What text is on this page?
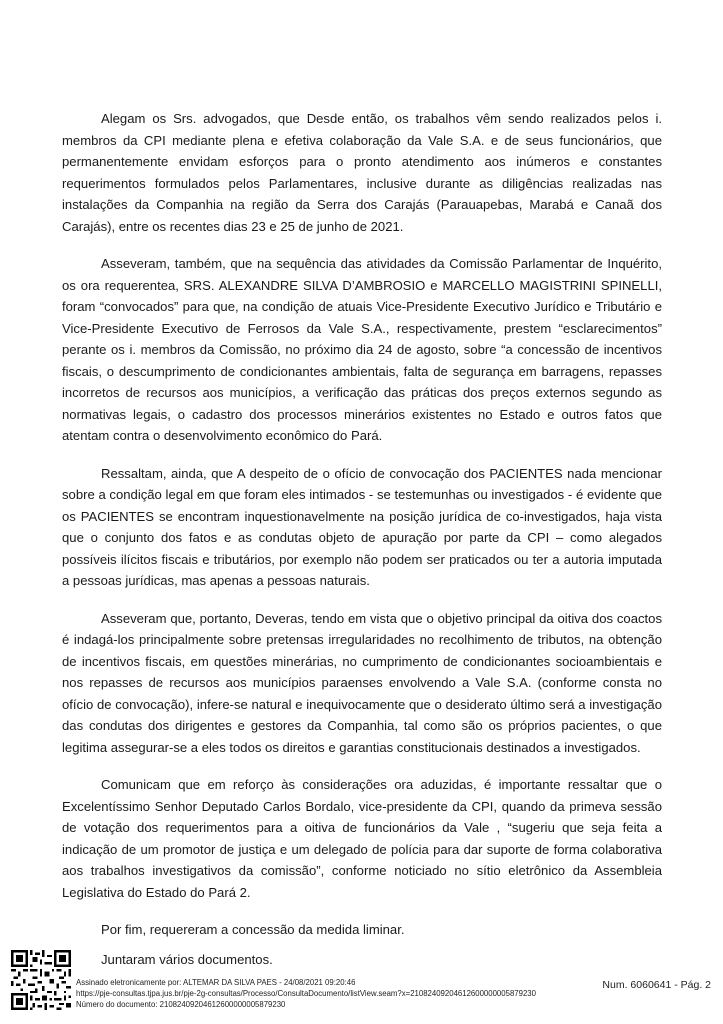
Alegam os Srs. advogados, que Desde então, os trabalhos vêm sendo realizados pelos i. membros da CPI mediante plena e efetiva colaboração da Vale S.A. e de seus funcionários, que permanentemente envidam esforços para o pronto atendimento aos inúmeros e constantes requerimentos formulados pelos Parlamentares, inclusive durante as diligências realizadas nas instalações da Companhia na região da Serra dos Carajás (Parauapebas, Marabá e Canaã dos Carajás), entre os recentes dias 23 e 25 de junho de 2021.

Asseveram, também, que na sequência das atividades da Comissão Parlamentar de Inquérito, os ora requerentea, SRS. ALEXANDRE SILVA D’AMBROSIO e MARCELLO MAGISTRINI SPINELLI, foram “convocados” para que, na condição de atuais Vice-Presidente Executivo Jurídico e Tributário e Vice-Presidente Executivo de Ferrosos da Vale S.A., respectivamente, prestem “esclarecimentos” perante os i. membros da Comissão, no próximo dia 24 de agosto, sobre “a concessão de incentivos fiscais, o descumprimento de condicionantes ambientais, falta de segurança em barragens, repasses incorretos de recursos aos municípios, a verificação das práticas dos preços externos segundo as normativas legais, o cadastro dos processos minerários existentes no Estado e outros fatos que atentam contra o desenvolvimento econômico do Pará.

Ressaltam, ainda, que A despeito de o ofício de convocação dos PACIENTES nada mencionar sobre a condição legal em que foram eles intimados - se testemunhas ou investigados - é evidente que os PACIENTES se encontram inquestionavelmente na posição jurídica de co-investigados, haja vista que o conjunto dos fatos e as condutas objeto de apuração por parte da CPI – como alegados possíveis ilícitos fiscais e tributários, por exemplo não podem ser praticados ou ter a autoria imputada a pessoas jurídicas, mas apenas a pessoas naturais.

Asseveram que, portanto, Deveras, tendo em vista que o objetivo principal da oitiva dos coactos é indagá-los principalmente sobre pretensas irregularidades no recolhimento de tributos, na obtenção de incentivos fiscais, em questões minerárias, no cumprimento de condicionantes socioambientais e nos repasses de recursos aos municípios paraenses envolvendo a Vale S.A. (conforme consta no ofício de convocação), infere-se natural e inequivocamente que o desiderato último será a investigação das condutas dos dirigentes e gestores da Companhia, tal como são os próprios pacientes, o que legitima assegurar-se a eles todos os direitos e garantias constitucionais destinados a investigados.

Comunicam que em reforço às considerações ora aduzidas, é importante ressaltar que o Excelentíssimo Senhor Deputado Carlos Bordalo, vice-presidente da CPI, quando da primeva sessão de votação dos requerimentos para a oitiva de funcionários da Vale , “sugeriu que seja feita a indicação de um promotor de justiça e um delegado de polícia para dar suporte de forma colaborativa aos trabalhos investigativos da comissão”, conforme noticiado no sítio eletrônico da Assembleia Legislativa do Estado do Pará 2.

Por fim, requereram a concessão da medida liminar.

Juntaram vários documentos.

Assinado eletronicamente por: ALTEMAR DA SILVA PAES - 24/08/2021 09:20:46
https://pje-consultas.tjpa.jus.br/pje-2g-consultas/Processo/ConsultaDocumento/listView.seam?x=21082409204612600000005879230
Número do documento: 21082409204612600000005879230
Num. 6060641 - Pág. 2
